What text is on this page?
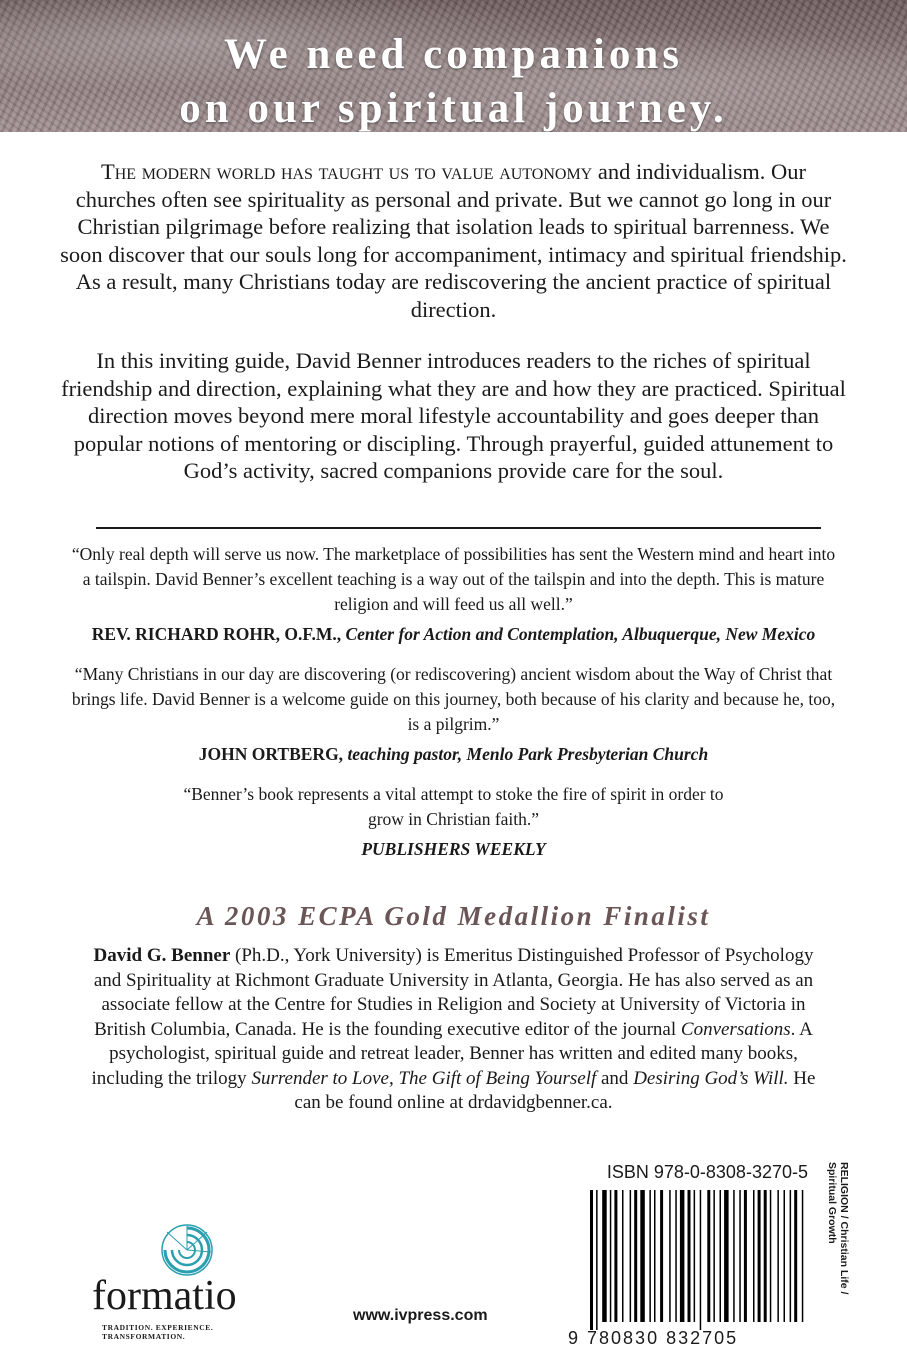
We need companions
on our spiritual journey.

The modern world has taught us to value autonomy and individualism. Our churches often see spirituality as personal and private. But we cannot go long in our Christian pilgrimage before realizing that isolation leads to spiritual barrenness. We soon discover that our souls long for accompaniment, intimacy and spiritual friendship. As a result, many Christians today are rediscovering the ancient practice of spiritual direction.

In this inviting guide, David Benner introduces readers to the riches of spiritual friendship and direction, explaining what they are and how they are practiced. Spiritual direction moves beyond mere moral lifestyle accountability and goes deeper than popular notions of mentoring or discipling. Through prayerful, guided attunement to God’s activity, sacred companions provide care for the soul.

“Only real depth will serve us now. The marketplace of possibilities has sent the Western mind and heart into a tailspin. David Benner’s excellent teaching is a way out of the tailspin and into the depth. This is mature religion and will feed us all well.”
REV. RICHARD ROHR, O.F.M., Center for Action and Contemplation, Albuquerque, New Mexico
“Many Christians in our day are discovering (or rediscovering) ancient wisdom about the Way of Christ that brings life. David Benner is a welcome guide on this journey, both because of his clarity and because he, too, is a pilgrim.”
JOHN ORTBERG, teaching pastor, Menlo Park Presbyterian Church
“Benner’s book represents a vital attempt to stoke the fire of spirit in order to grow in Christian faith.”
PUBLISHERS WEEKLY
A 2003 ECPA Gold Medallion Finalist
David G. Benner (Ph.D., York University) is Emeritus Distinguished Professor of Psychology and Spirituality at Richmont Graduate University in Atlanta, Georgia. He has also served as an associate fellow at the Centre for Studies in Religion and Society at University of Victoria in British Columbia, Canada. He is the founding executive editor of the journal Conversations. A psychologist, spiritual guide and retreat leader, Benner has written and edited many books, including the trilogy Surrender to Love, The Gift of Being Yourself and Desiring God’s Will. He can be found online at drdavidgbenner.ca.
formatio
TRADITION. EXPERIENCE.
TRANSFORMATION.
www.ivpress.com
ISBN 978-0-8308-3270-5
9 780830 832705
RELIGION / Christian Life /
Spiritual Growth
